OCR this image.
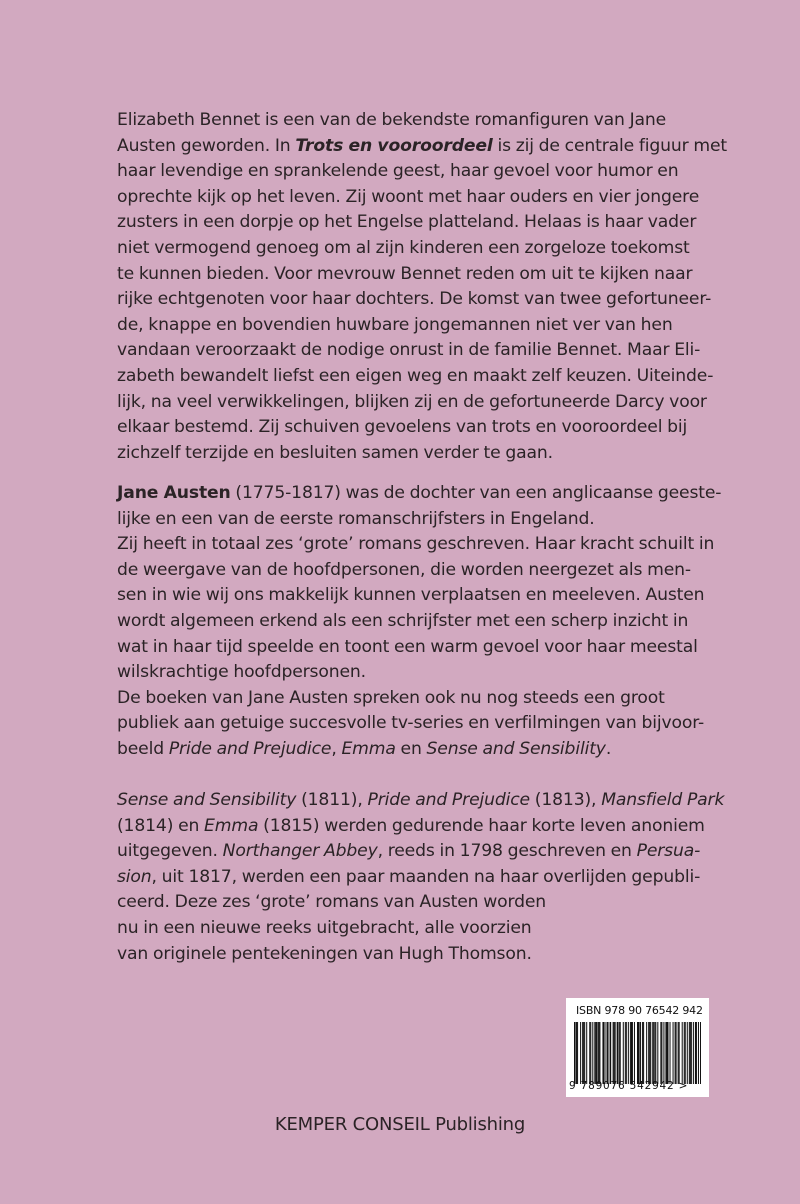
Elizabeth Bennet is een van de bekendste romanfiguren van Jane
Austen geworden. In Trots en vooroordeel is zij de centrale figuur met
haar levendige en sprankelende geest, haar gevoel voor humor en
oprechte kijk op het leven. Zij woont met haar ouders en vier jongere
zusters in een dorpje op het Engelse platteland. Helaas is haar vader
niet vermogend genoeg om al zijn kinderen een zorgeloze toekomst
te kunnen bieden. Voor mevrouw Bennet reden om uit te kijken naar
rijke echtgenoten voor haar dochters. De komst van twee gefortuneer-
de, knappe en bovendien huwbare jongemannen niet ver van hen
vandaan veroorzaakt de nodige onrust in de familie Bennet. Maar Eli-
zabeth bewandelt liefst een eigen weg en maakt zelf keuzen. Uiteinde-
lijk, na veel verwikkelingen, blijken zij en de gefortuneerde Darcy voor
elkaar bestemd. Zij schuiven gevoelens van trots en vooroordeel bij
zichzelf terzijde en besluiten samen verder te gaan.
Jane Austen (1775-1817) was de dochter van een anglicaanse geeste-
lijke en een van de eerste romanschrijfsters in Engeland.
Zij heeft in totaal zes ‘grote’ romans geschreven. Haar kracht schuilt in
de weergave van de hoofdpersonen, die worden neergezet als men-
sen in wie wij ons makkelijk kunnen verplaatsen en meeleven. Austen
wordt algemeen erkend als een schrijfster met een scherp inzicht in
wat in haar tijd speelde en toont een warm gevoel voor haar meestal
wilskrachtige hoofdpersonen.
De boeken van Jane Austen spreken ook nu nog steeds een groot
publiek aan getuige succesvolle tv-series en verfilmingen van bijvoor-
beeld Pride and Prejudice, Emma en Sense and Sensibility.
Sense and Sensibility (1811), Pride and Prejudice (1813), Mansfield Park
(1814) en Emma (1815) werden gedurende haar korte leven anoniem
uitgegeven. Northanger Abbey, reeds in 1798 geschreven en Persua-
sion, uit 1817, werden een paar maanden na haar overlijden gepubli-
ceerd. Deze zes ‘grote’ romans van Austen worden
nu in een nieuwe reeks uitgebracht, alle voorzien
van originele pentekeningen van Hugh Thomson.
ISBN 978 90 76542 942
9 789076 542942 >
KEMPER CONSEIL Publishing
